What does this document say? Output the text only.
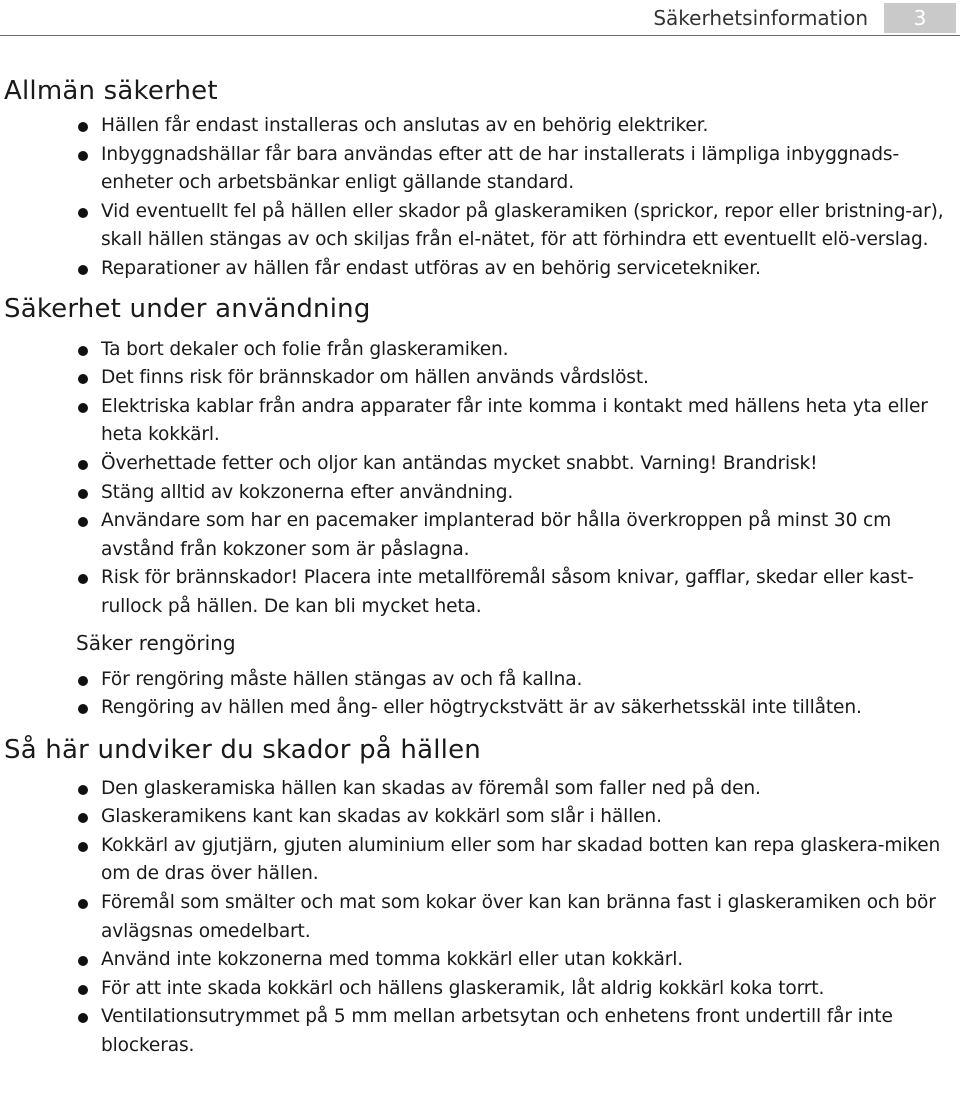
Säkerhetsinformation	3
Allmän säkerhet
Hällen får endast installeras och anslutas av en behörig elektriker.
Inbyggnadshällar får bara användas efter att de har installerats i lämpliga inbyggnads-enheter och arbetsbänkar enligt gällande standard.
Vid eventuellt fel på hällen eller skador på glaskeramiken (sprickor, repor eller bristning-ar), skall hällen stängas av och skiljas från el-nätet, för att förhindra ett eventuellt elö-verslag.
Reparationer av hällen får endast utföras av en behörig servicetekniker.
Säkerhet under användning
Ta bort dekaler och folie från glaskeramiken.
Det finns risk för brännskador om hällen används vårdslöst.
Elektriska kablar från andra apparater får inte komma i kontakt med hällens heta yta eller heta kokkärl.
Överhettade fetter och oljor kan antändas mycket snabbt. Varning! Brandrisk!
Stäng alltid av kokzonerna efter användning.
Användare som har en pacemaker implanterad bör hålla överkroppen på minst 30 cm avstånd från kokzoner som är påslagna.
Risk för brännskador! Placera inte metallföremål såsom knivar, gafflar, skedar eller kast-rullock på hällen. De kan bli mycket heta.
Säker rengöring
För rengöring måste hällen stängas av och få kallna.
Rengöring av hällen med ång- eller högtryckstvätt är av säkerhetsskäl inte tillåten.
Så här undviker du skador på hällen
Den glaskeramiska hällen kan skadas av föremål som faller ned på den.
Glaskeramikens kant kan skadas av kokkärl som slår i hällen.
Kokkärl av gjutjärn, gjuten aluminium eller som har skadad botten kan repa glaskera-miken om de dras över hällen.
Föremål som smälter och mat som kokar över kan kan bränna fast i glaskeramiken och bör avlägsnas omedelbart.
Använd inte kokzonerna med tomma kokkärl eller utan kokkärl.
För att inte skada kokkärl och hällens glaskeramik, låt aldrig kokkärl koka torrt.
Ventilationsutrymmet på 5 mm mellan arbetsytan och enhetens front undertill får inte blockeras.
